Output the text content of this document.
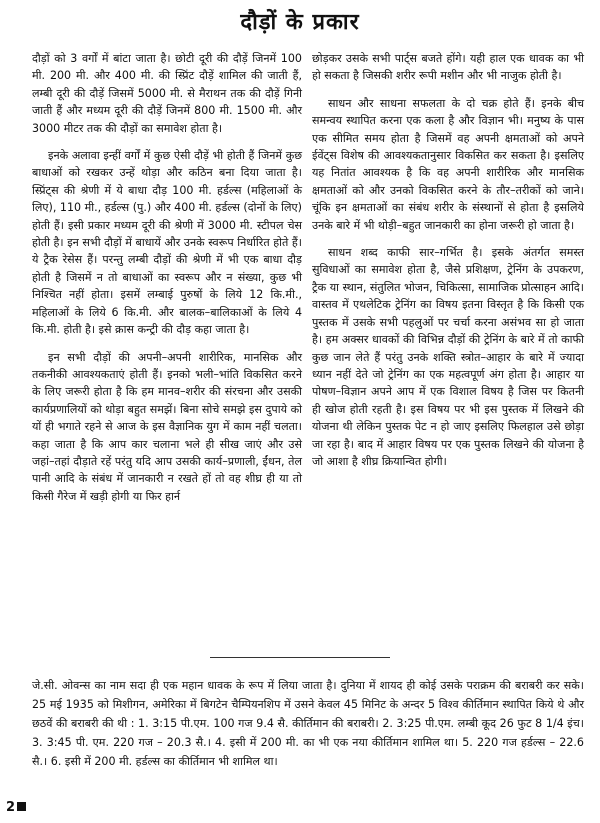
दौड़ों के प्रकार

दौड़ों को 3 वर्गों में बांटा जाता है। छोटी दूरी की दौड़ें जिनमें 100 मी. 200 मी. और 400 मी. की स्प्रिंट दौड़ें शामिल की जाती हैं, लम्बी दूरी की दौड़ें जिसमें 5000 मी. से मैराथन तक की दौड़ें गिनी जाती हैं और मध्यम दूरी की दौड़ें जिनमें 800 मी. 1500 मी. और 3000 मीटर तक की दौड़ों का समावेश होता है।

इनके अलावा इन्हीं वर्गों में कुछ ऐसी दौड़ें भी होती हैं जिनमें कुछ बाधाओं को रखकर उन्हें थोड़ा और कठिन बना दिया जाता है। स्प्रिंट्स की श्रेणी में ये बाधा दौड़ 100 मी. हर्डल्स (महिलाओं के लिए), 110 मी., हर्डल्स (पु.) और 400 मी. हर्डल्स (दोनों के लिए) होती हैं। इसी प्रकार मध्यम दूरी की श्रेणी में 3000 मी. स्टीपल चेस होती है। इन सभी दौड़ों में बाधायें और उनके स्वरूप निर्धारित होते हैं। ये ट्रैक रेसेस हैं। परन्तु लम्बी दौड़ों की श्रेणी में भी एक बाधा दौड़ होती है जिसमें न तो बाधाओं का स्वरूप और न संख्या, कुछ भी निश्चित नहीं होता। इसमें लम्बाई पुरुषों के लिये 12 कि.मी., महिलाओं के लिये 6 कि.मी. और बालक–बालिकाओं के लिये 4 कि.मी. होती है। इसे क्रास कन्ट्री की दौड़ कहा जाता है।

इन सभी दौड़ों की अपनी–अपनी शारीरिक, मानसिक और तकनीकी आवश्यकताएं होती हैं। इनको भली–भांति विकसित करने के लिए जरूरी होता है कि हम मानव–शरीर की संरचना और उसकी कार्यप्रणालियों को थोड़ा बहुत समझें। बिना सोचे समझे इस दुपाये को यों ही भगाते रहने से आज के इस वैज्ञानिक युग में काम नहीं चलता। कहा जाता है कि आप कार चलाना भले ही सीख जाएं और उसे जहां–तहां दौड़ाते रहें परंतु यदि आप उसकी कार्य–प्रणाली, ईंधन, तेल पानी आदि के संबंध में जानकारी न रखते हों तो वह शीघ्र ही या तो किसी गैरेज में खड़ी होगी या फिर हार्न

छोड़कर उसके सभी पार्ट्स बजते होंगे। यही हाल एक धावक का भी हो सकता है जिसकी शरीर रूपी मशीन और भी नाजुक होती है।

साधन और साधना सफलता के दो चक्र होते हैं। इनके बीच समन्वय स्थापित करना एक कला है और विज्ञान भी। मनुष्य के पास एक सीमित समय होता है जिसमें वह अपनी क्षमताओं को अपने ईवेंट्स विशेष की आवश्यकतानुसार विकसित कर सकता है। इसलिए यह नितांत आवश्यक है कि वह अपनी शारीरिक और मानसिक क्षमताओं को और उनको विकसित करने के तौर–तरीकों को जाने। चूंकि इन क्षमताओं का संबंध शरीर के संस्थानों से होता है इसलिये उनके बारे में भी थोड़ी–बहुत जानकारी का होना जरूरी हो जाता है।

साधन शब्द काफी सार–गर्भित है। इसके अंतर्गत समस्त सुविधाओं का समावेश होता है, जैसे प्रशिक्षण, ट्रेनिंग के उपकरण, ट्रैक या स्थान, संतुलित भोजन, चिकित्सा, सामाजिक प्रोत्साहन आदि। वास्तव में एथलेटिक ट्रेनिंग का विषय इतना विस्तृत है कि किसी एक पुस्तक में उसके सभी पहलुओं पर चर्चा करना असंभव सा हो जाता है। हम अक्सर धावकों की विभिन्न दौड़ों की ट्रेनिंग के बारे में तो काफी कुछ जान लेते हैं परंतु उनके शक्ति स्त्रोत–आहार के बारे में ज्यादा ध्यान नहीं देते जो ट्रेनिंग का एक महत्वपूर्ण अंग होता है। आहार या पोषण–विज्ञान अपने आप में एक विशाल विषय है जिस पर कितनी ही खोज होती रहती है। इस विषय पर भी इस पुस्तक में लिखने की योजना थी लेकिन पुस्तक पेट न हो जाए इसलिए फिलहाल उसे छोड़ा जा रहा है। बाद में आहार विषय पर एक पुस्तक लिखने की योजना है जो आशा है शीघ्र क्रियान्वित होगी।

जे.सी. ओवन्स का नाम सदा ही एक महान धावक के रूप में लिया जाता है। दुनिया में शायद ही कोई उसके पराक्रम की बराबरी कर सके। 25 मई 1935 को मिशीगन, अमेरिका में बिगटेन चैम्पियनशिप में उसने केवल 45 मिनिट के अन्दर 5 विश्व कीर्तिमान स्थापित किये थे और छठवें की बराबरी की थी : 1. 3:15 पी.एम. 100 गज 9.4 सै. कीर्तिमान की बराबरी। 2. 3:25 पी.एम. लम्बी कूद 26 फुट 8 1/4 इंच। 3. 3:45 पी. एम. 220 गज – 20.3 सै.। 4. इसी में 200 मी. का भी एक नया कीर्तिमान शामिल था। 5. 220 गज हर्डल्स – 22.6 सै.। 6. इसी में 200 मी. हर्डल्स का कीर्तिमान भी शामिल था।

2
